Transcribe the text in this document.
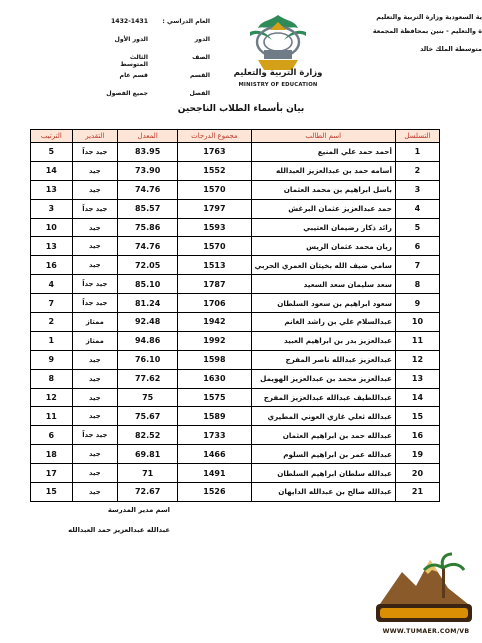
ية السعودية وزارة التربية والتعليم
ة والتعليم - بنين بمحافظة المجمعة
متوسطة الملك خالد
العام الدراسي :
1432-1431
الدور
الدور الأول
الصف
الثالث المتوسط
القسم
قسم عام
الفصل
جميع الفصول
وزارة التربية والتعليم
MINISTRY OF EDUCATION
بيان بأسماء الطلاب الناجحين
التسلسل	اسم الطالب	مجموع الدرجات	المعدل	التقدير	الترتيب
1	أحمد حمد علي المنيع	1763	83.95	جيد جداً	5
2	أسامه حمد بن عبدالعزيز العبدالله	1552	73.90	جيد	14
3	باسل ابراهيم بن محمد العثمان	1570	74.76	جيد	13
4	حمد عبدالعزيز عثمان البرغش	1797	85.57	جيد جداً	3
5	رائد ذكار رضيمان العتيبي	1593	75.86	جيد	10
6	ريان محمد عثمان الريس	1570	74.76	جيد	13
7	سامي ضيف الله بخيتان العمري الحربي	1513	72.05	جيد	16
8	سعد سليمان سعد السعيد	1787	85.10	جيد جداً	4
9	سعود ابراهيم بن سعود السلطان	1706	81.24	جيد جداً	7
10	عبدالسلام علي بن راشد الغانم	1942	92.48	ممتاز	2
11	عبدالعزيز بدر بن ابراهيم العبيد	1992	94.86	ممتاز	1
12	عبدالعزيز عبدالله ناصر المفرج	1598	76.10	جيد	9
13	عبدالعزيز محمد بن عبدالعزيز الهويمل	1630	77.62	جيد	8
14	عبداللطيف عبدالله عبدالعزيز المفرج	1575	75	جيد	12
15	عبدالله ثعلي غازي العوني المطيري	1589	75.67	جيد	11
16	عبدالله حمد بن ابراهيم العثمان	1733	82.52	جيد جداً	6
19	عبدالله عمر بن ابراهيم السلوم	1466	69.81	جيد	18
20	عبدالله سلطان ابراهيم السلطان	1491	71	جيد	17
21	عبدالله صالح بن عبدالله الدايهان	1526	72.67	جيد	15
اسم مدير المدرسة
عبدالله عبدالعزيز حمد العبدالله
WWW.TUMAER.COM/VB
